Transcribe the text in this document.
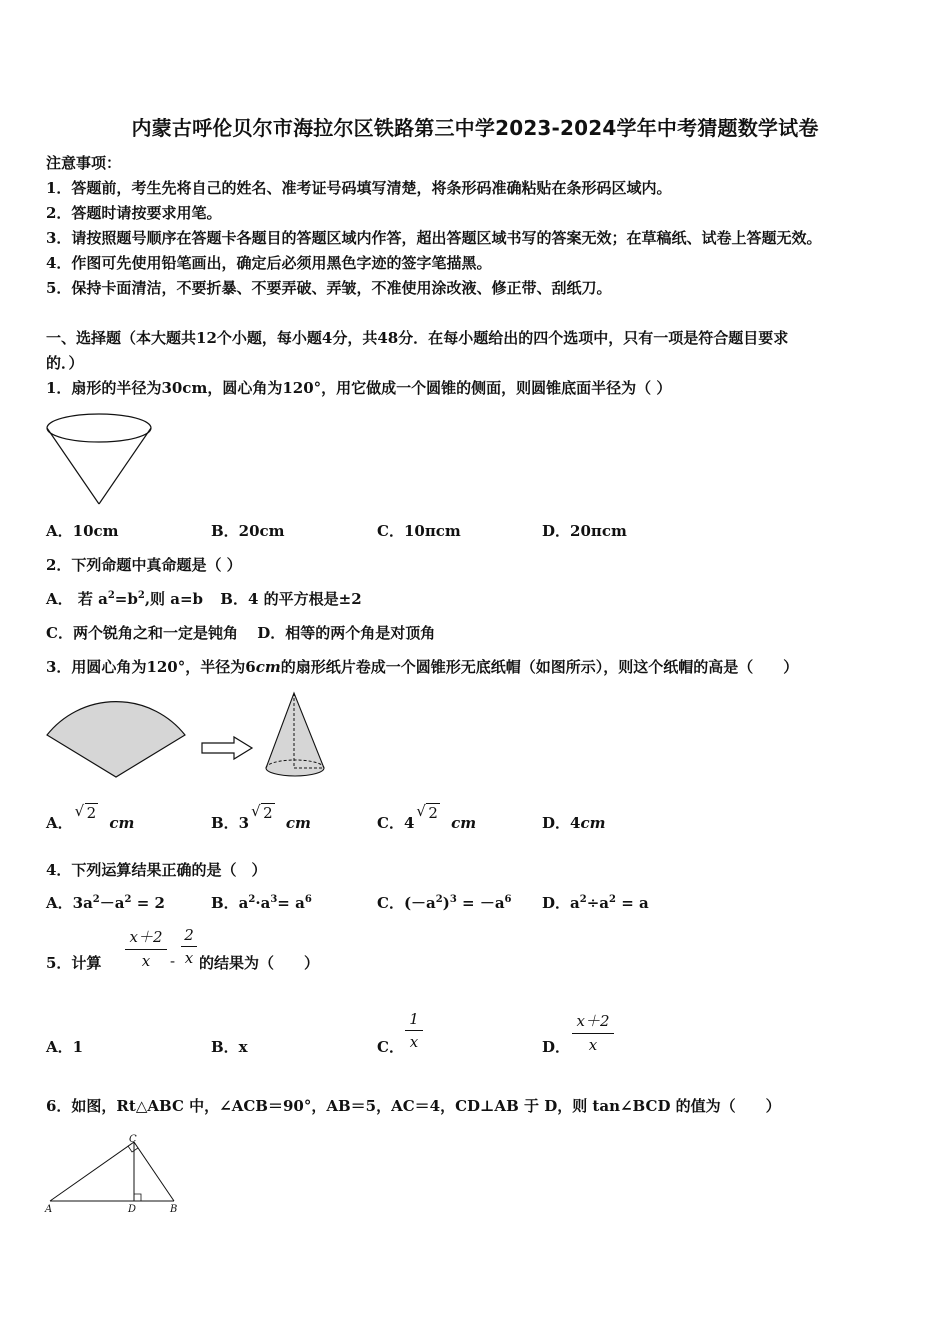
内蒙古呼伦贝尔市海拉尔区铁路第三中学2023-2024学年中考猜题数学试卷
注意事项：
1．答题前，考生先将自己的姓名、准考证号码填写清楚，将条形码准确粘贴在条形码区域内。
2．答题时请按要求用笔。
3．请按照题号顺序在答题卡各题目的答题区域内作答，超出答题区域书写的答案无效；在草稿纸、试卷上答题无效。
4．作图可先使用铅笔画出，确定后必须用黑色字迹的签字笔描黑。
5．保持卡面清洁，不要折暴、不要弄破、弄皱，不准使用涂改液、修正带、刮纸刀。
一、选择题（本大题共12个小题，每小题4分，共48分．在每小题给出的四个选项中，只有一项是符合题目要求
的．）
1．扇形的半径为30cm，圆心角为120°，用它做成一个圆锥的侧面，则圆锥底面半径为（ ）
A．10cm	B．20cm	C．10πcm	D．20πcm
2．下列命题中真命题是（ ）
A． 若 $a^2=b^2$,则 a=b B．4 的平方根是±2
C．两个锐角之和一定是钝角 D．相等的两个角是对顶角
3．用圆心角为120°，半径为6cm的扇形纸片卷成一个圆锥形无底纸帽（如图所示），则这个纸帽的高是（　　）
A．
√ 2 cm	B．3
√ 2 cm	C．4
√ 2 cm	D．4cm
4．下列运算结果正确的是（　）
A．$3a^2-a^2 = 2$	B．$a^2\cdot a^3= a^6$	C．$(-a^2)^3 = -a^6$ D．$a^2\div a^2 = a$
5．计算 $\frac{x+2}{x} - \frac{2}{x}$ 的结果为（　　）
A．1	B．x	C． $\frac{1}{x}$	D． $\frac{x+2}{x}$
6．如图，Rt△ABC 中，∠ACB＝90°，AB＝5，AC＝4，CD⊥AB 于 D，则 tan∠BCD 的值为（　　）
A	D	B
C
